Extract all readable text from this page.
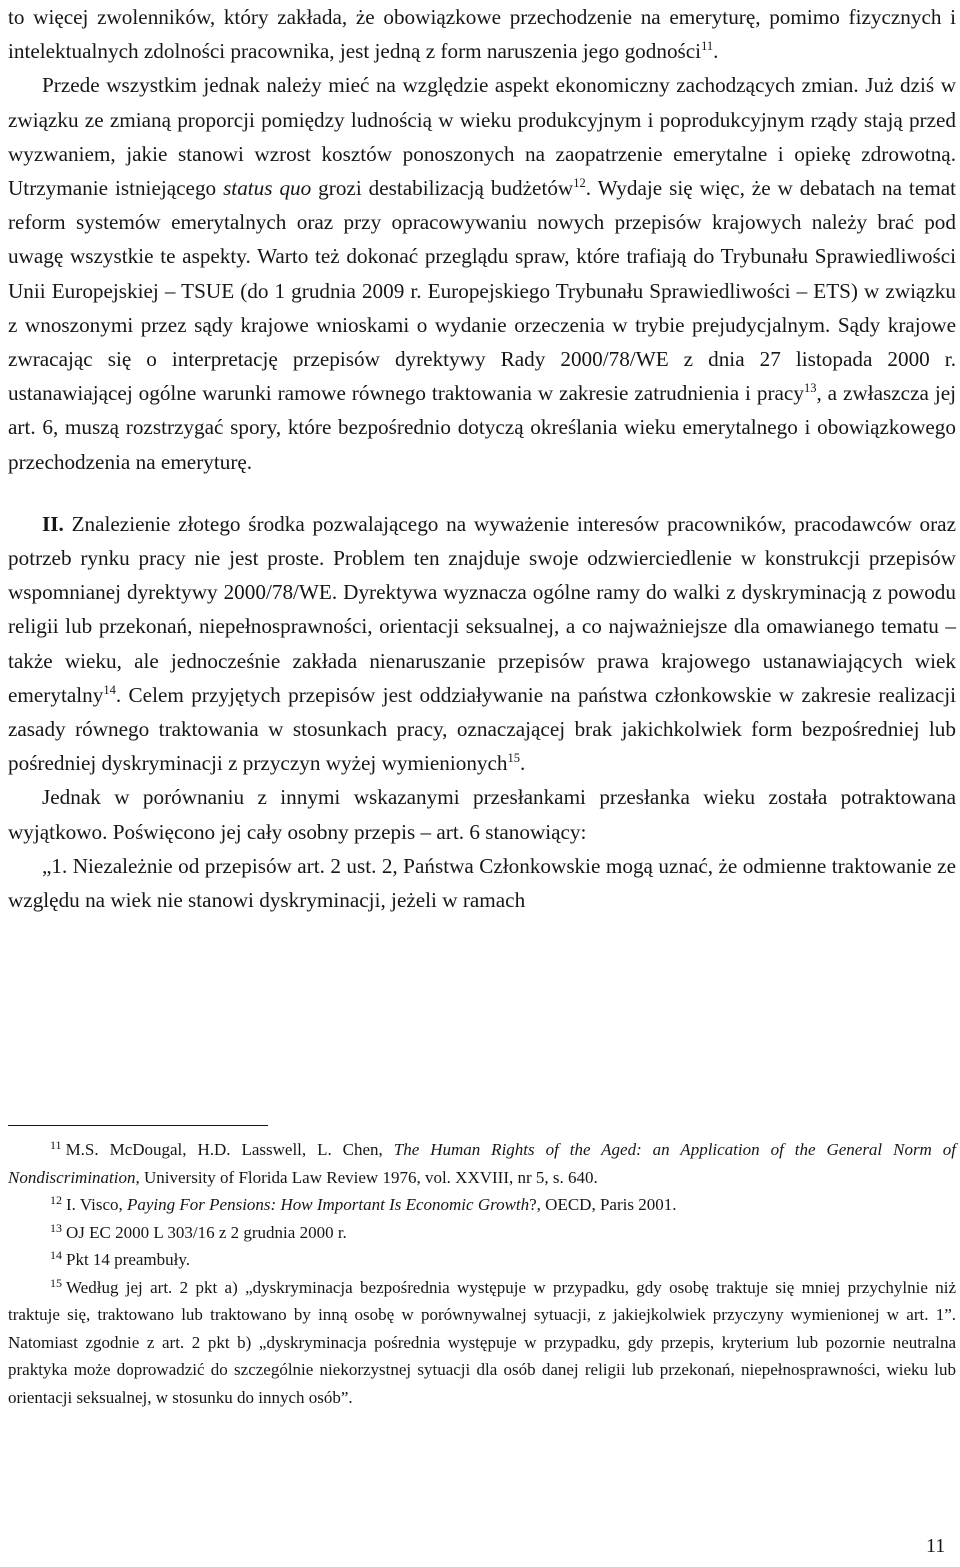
to więcej zwolenników, który zakłada, że obowiązkowe przechodzenie na emeryturę, pomimo fizycznych i intelektualnych zdolności pracownika, jest jedną z form naruszenia jego godności$^{11}$.

Przede wszystkim jednak należy mieć na względzie aspekt ekonomiczny zachodzących zmian. Już dziś w związku ze zmianą proporcji pomiędzy ludnością w wieku produkcyjnym i poprodukcyjnym rządy stają przed wyzwaniem, jakie stanowi wzrost kosztów ponoszonych na zaopatrzenie emerytalne i opiekę zdrowotną. Utrzymanie istniejącego status quo grozi destabilizacją budżetów$^{12}$. Wydaje się więc, że w debatach na temat reform systemów emerytalnych oraz przy opracowywaniu nowych przepisów krajowych należy brać pod uwagę wszystkie te aspekty. Warto też dokonać przeglądu spraw, które trafiają do Trybunału Sprawiedliwości Unii Europejskiej – TSUE (do 1 grudnia 2009 r. Europejskiego Trybunału Sprawiedliwości – ETS) w związku z wnoszonymi przez sądy krajowe wnioskami o wydanie orzeczenia w trybie prejudycjalnym. Sądy krajowe zwracając się o interpretację przepisów dyrektywy Rady 2000/78/WE z dnia 27 listopada 2000 r. ustanawiającej ogólne warunki ramowe równego traktowania w zakresie zatrudnienia i pracy$^{13}$, a zwłaszcza jej art. 6, muszą rozstrzygać spory, które bezpośrednio dotyczą określania wieku emerytalnego i obowiązkowego przechodzenia na emeryturę.

II. Znalezienie złotego środka pozwalającego na wyważenie interesów pracowników, pracodawców oraz potrzeb rynku pracy nie jest proste. Problem ten znajduje swoje odzwierciedlenie w konstrukcji przepisów wspomnianej dyrektywy 2000/78/WE. Dyrektywa wyznacza ogólne ramy do walki z dyskryminacją z powodu religii lub przekonań, niepełnosprawności, orientacji seksualnej, a co najważniejsze dla omawianego tematu – także wieku, ale jednocześnie zakłada nienaruszanie przepisów prawa krajowego ustanawiających wiek emerytalny$^{14}$. Celem przyjętych przepisów jest oddziaływanie na państwa członkowskie w zakresie realizacji zasady równego traktowania w stosunkach pracy, oznaczającej brak jakichkolwiek form bezpośredniej lub pośredniej dyskryminacji z przyczyn wyżej wymienionych$^{15}$.

Jednak w porównaniu z innymi wskazanymi przesłankami przesłanka wieku została potraktowana wyjątkowo. Poświęcono jej cały osobny przepis – art. 6 stanowiący:

„1. Niezależnie od przepisów art. 2 ust. 2, Państwa Członkowskie mogą uznać, że odmienne traktowanie ze względu na wiek nie stanowi dyskryminacji, jeżeli w ramach

$^{11}$ M.S. McDougal, H.D. Lasswell, L. Chen, The Human Rights of the Aged: an Application of the General Norm of Nondiscrimination, University of Florida Law Review 1976, vol. XXVIII, nr 5, s. 640.

$^{12}$ I. Visco, Paying For Pensions: How Important Is Economic Growth?, OECD, Paris 2001.

$^{13}$ OJ EC 2000 L 303/16 z 2 grudnia 2000 r.

$^{14}$ Pkt 14 preambuły.

$^{15}$ Według jej art. 2 pkt a) „dyskryminacja bezpośrednia występuje w przypadku, gdy osobę traktuje się mniej przychylnie niż traktuje się, traktowano lub traktowano by inną osobę w porównywalnej sytuacji, z jakiejkolwiek przyczyny wymienionej w art. 1”. Natomiast zgodnie z art. 2 pkt b) „dyskryminacja pośrednia występuje w przypadku, gdy przepis, kryterium lub pozornie neutralna praktyka może doprowadzić do szczególnie niekorzystnej sytuacji dla osób danej religii lub przekonań, niepełnosprawności, wieku lub orientacji seksualnej, w stosunku do innych osób”.

11
